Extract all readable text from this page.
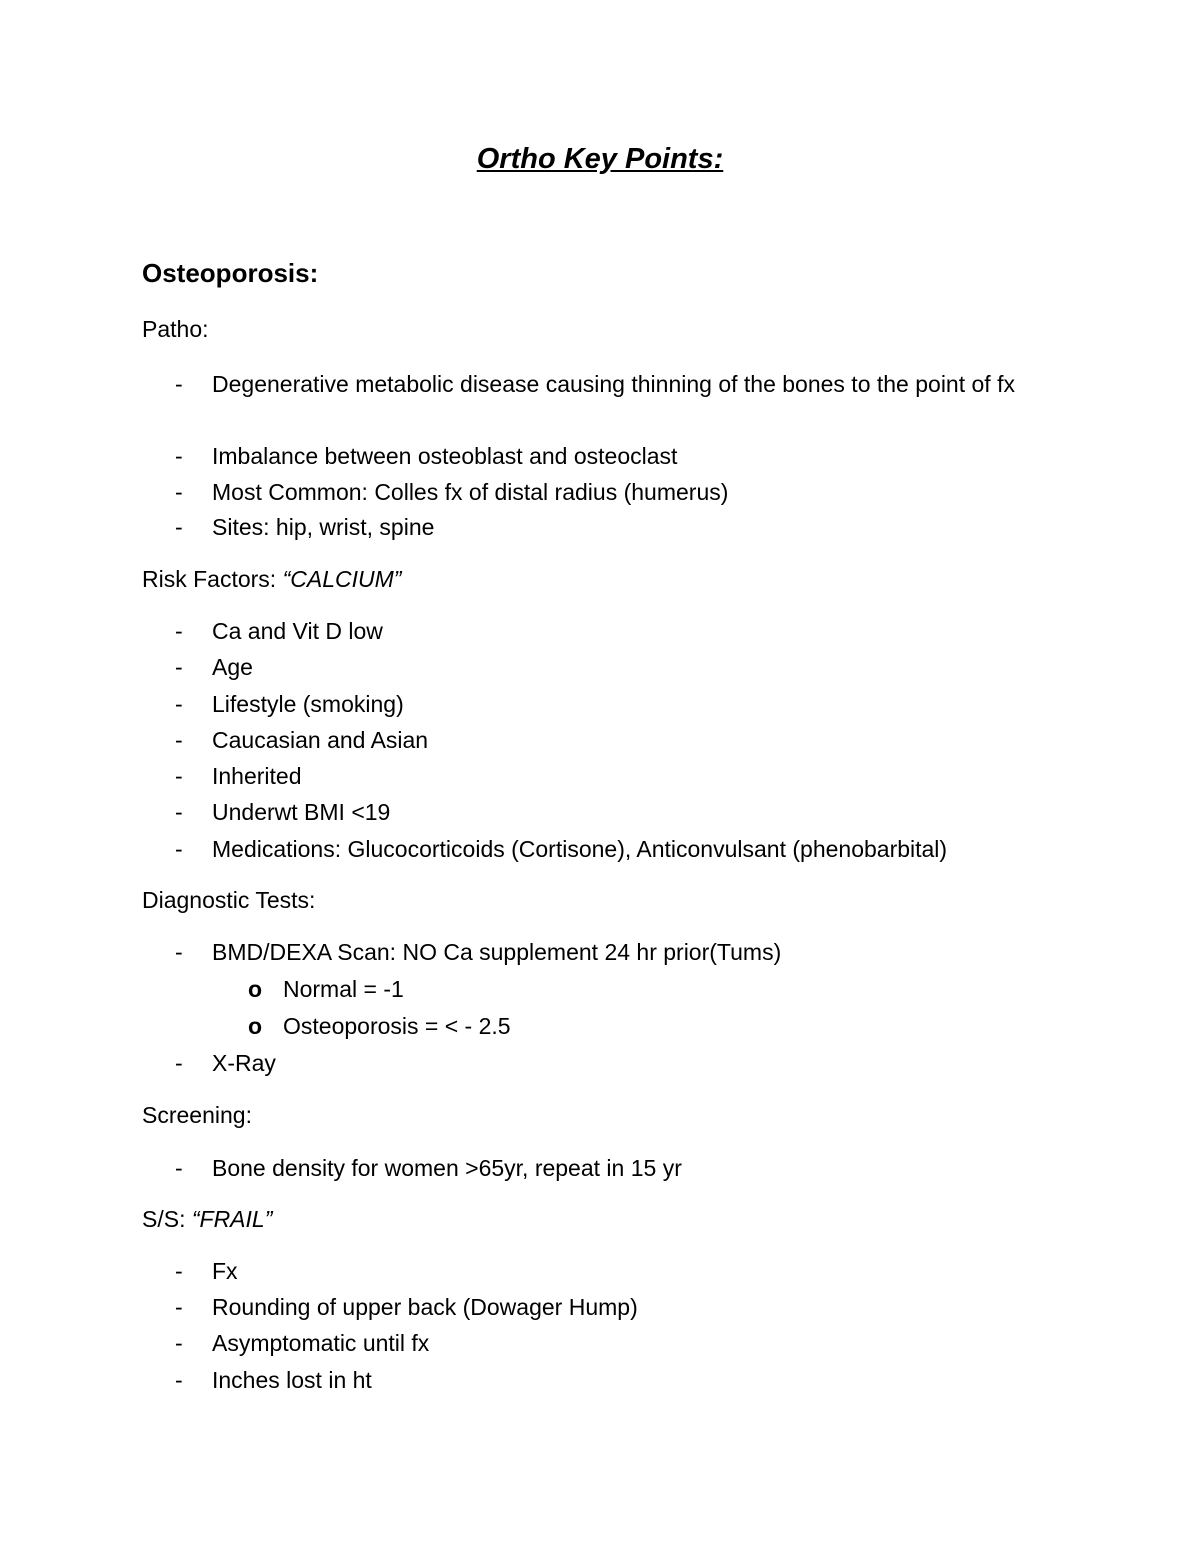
Ortho Key Points:
Osteoporosis:
Patho:
- Degenerative metabolic disease causing thinning of the bones to the point of fx
- Imbalance between osteoblast and osteoclast
- Most Common: Colles fx of distal radius (humerus)
- Sites: hip, wrist, spine
Risk Factors: “CALCIUM”
- Ca and Vit D low
- Age
- Lifestyle (smoking)
- Caucasian and Asian
- Inherited
- Underwt BMI <19
- Medications: Glucocorticoids (Cortisone), Anticonvulsant (phenobarbital)
Diagnostic Tests:
- BMD/DEXA Scan: NO Ca supplement 24 hr prior(Tums)
o Normal = -1
o Osteoporosis = < - 2.5
- X-Ray
Screening:
- Bone density for women >65yr, repeat in 15 yr
S/S: “FRAIL”
- Fx
- Rounding of upper back (Dowager Hump)
- Asymptomatic until fx
- Inches lost in ht
